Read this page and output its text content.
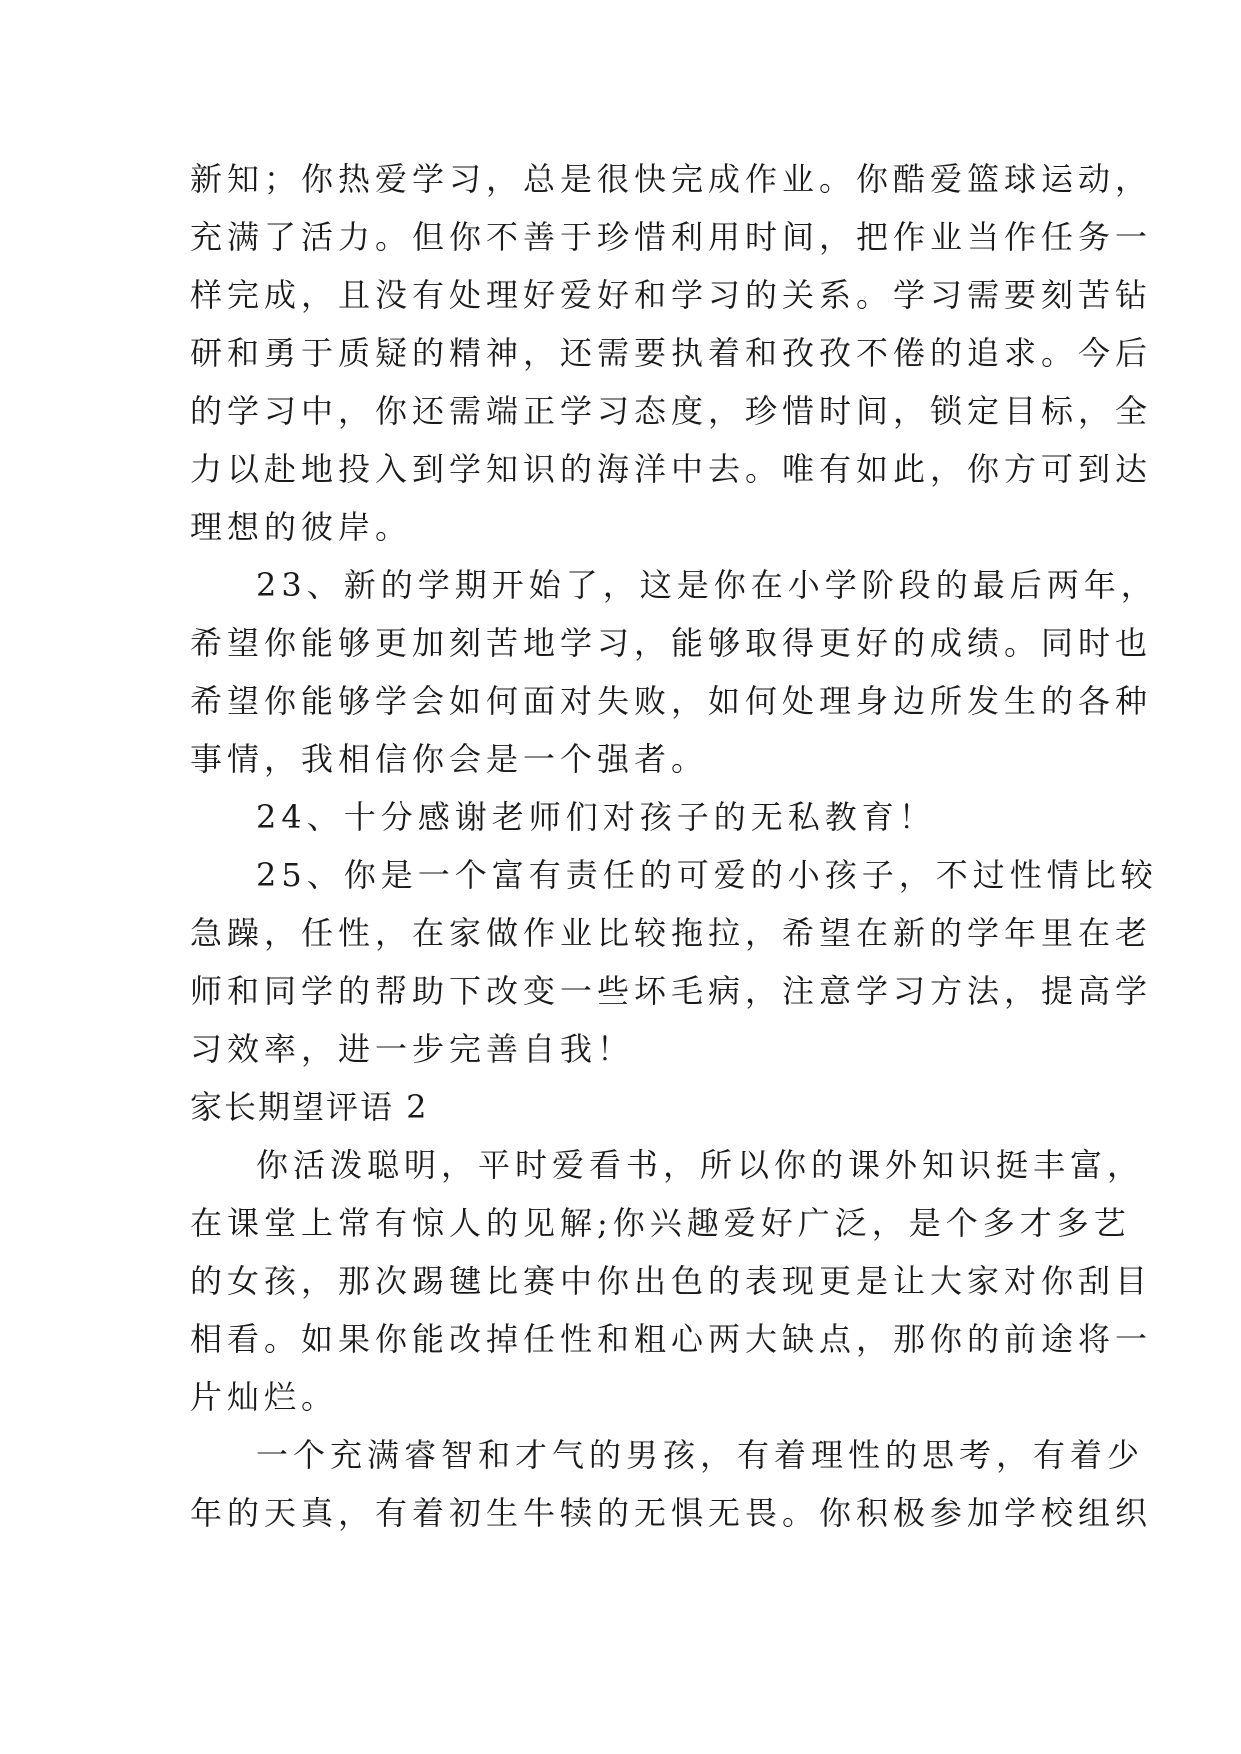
新知；你热爱学习，总是很快完成作业。你酷爱篮球运动，
充满了活力。但你不善于珍惜利用时间，把作业当作任务一
样完成，且没有处理好爱好和学习的关系。学习需要刻苦钻
研和勇于质疑的精神，还需要执着和孜孜不倦的追求。今后
的学习中，你还需端正学习态度，珍惜时间，锁定目标，全
力以赴地投入到学知识的海洋中去。唯有如此，你方可到达
理想的彼岸。
23、新的学期开始了，这是你在小学阶段的最后两年，
希望你能够更加刻苦地学习，能够取得更好的成绩。同时也
希望你能够学会如何面对失败，如何处理身边所发生的各种
事情，我相信你会是一个强者。
24、十分感谢老师们对孩子的无私教育！
25、你是一个富有责任的可爱的小孩子，不过性情比较
急躁，任性，在家做作业比较拖拉，希望在新的学年里在老
师和同学的帮助下改变一些坏毛病，注意学习方法，提高学
习效率，进一步完善自我！
家长期望评语 2
你活泼聪明，平时爱看书，所以你的课外知识挺丰富，
在课堂上常有惊人的见解;你兴趣爱好广泛，是个多才多艺
的女孩，那次踢毽比赛中你出色的表现更是让大家对你刮目
相看。如果你能改掉任性和粗心两大缺点，那你的前途将一
片灿烂。
一个充满睿智和才气的男孩，有着理性的思考，有着少
年的天真，有着初生牛犊的无惧无畏。你积极参加学校组织
